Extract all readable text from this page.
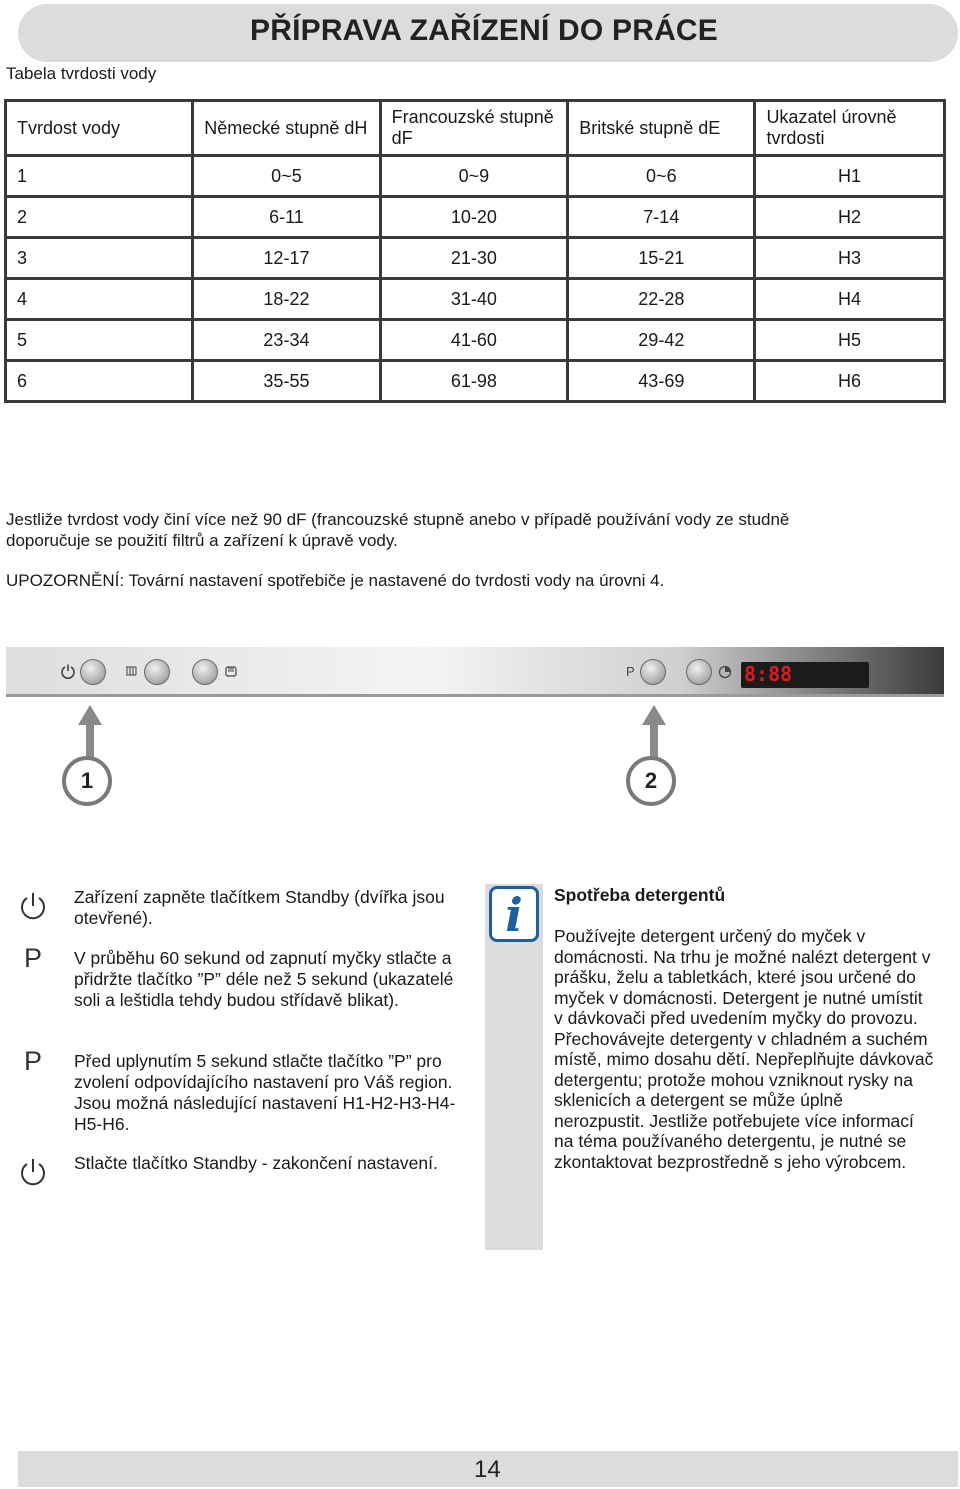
PŘÍPRAVA ZAŘÍZENÍ DO PRÁCE
Tabela tvrdosti vody
Tvrdost vody	Německé stupně dH	Francouzské stupně dF	Britské stupně dE	Ukazatel úrovně tvrdosti
1	0~5	0~9	0~6	H1
2	6-11	10-20	7-14	H2
3	12-17	21-30	15-21	H3
4	18-22	31-40	22-28	H4
5	23-34	41-60	29-42	H5
6	35-55	61-98	43-69	H6
Jestliže tvrdost vody činí více než 90 dF (francouzské stupně anebo v případě používání vody ze studně
doporučuje se použití filtrů a zařízení k úpravě vody.
UPOZORNĚNÍ: Tovární nastavení spotřebiče je nastavené do tvrdosti vody na úrovni 4.
P	8:88
1	2
Zařízení zapněte tlačítkem Standby (dvířka jsou otevřené).
P	V průběhu 60 sekund od zapnutí myčky stlačte a přidržte tlačítko ”P” déle než 5 sekund (ukazatelé soli a leštidla tehdy budou střídavě blikat).
P	Před uplynutím 5 sekund stlačte tlačítko ”P” pro zvolení odpovídajícího nastavení pro Váš region. Jsou možná následující nastavení H1-H2-H3-H4-H5-H6.
Stlačte tlačítko Standby - zakončení nastavení.
i	Spotřeba detergentů
Používejte detergent určený do myček v domácnosti. Na trhu je možné nalézt detergent v prášku, želu a tabletkách, které jsou určené do myček v domácnosti. Detergent je nutné umístit v dávkovači před uvedením myčky do provozu. Přechovávejte detergenty v chladném a suchém místě, mimo dosahu dětí. Nepřeplňujte dávkovač detergentu; protože mohou vzniknout rysky na sklenicích a detergent se může úplně nerozpustit. Jestliže potřebujete více informací na téma používaného detergentu, je nutné se zkontaktovat bezprostředně s jeho výrobcem.
14
